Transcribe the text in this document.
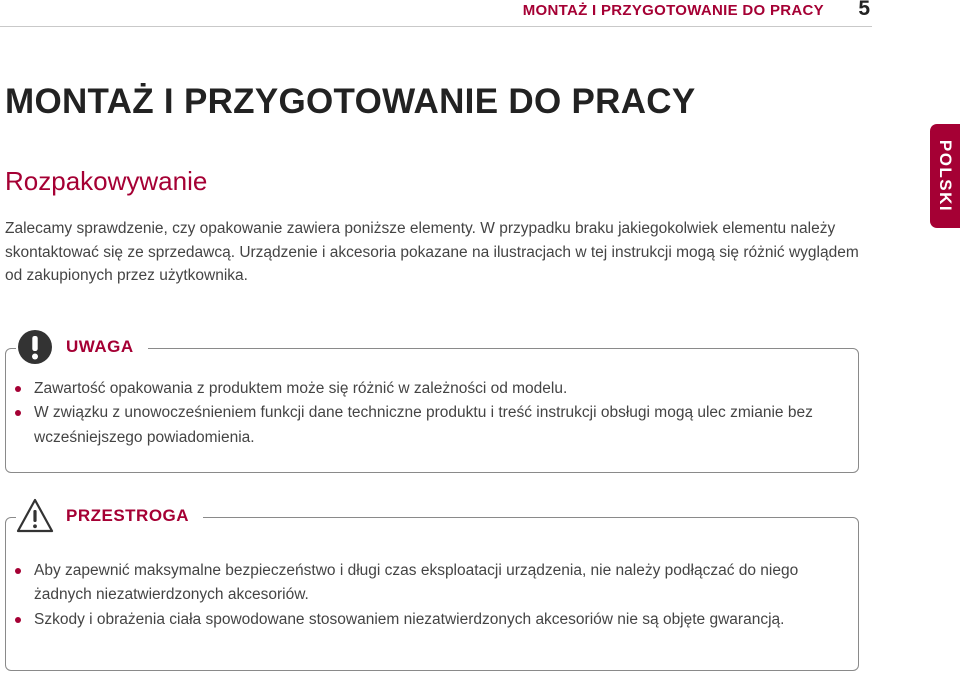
MONTAŻ I PRZYGOTOWANIE DO PRACY 5
POLSKI
MONTAŻ I PRZYGOTOWANIE DO PRACY
Rozpakowywanie

Zalecamy sprawdzenie, czy opakowanie zawiera poniższe elementy. W przypadku braku jakiegokolwiek elementu należy skontaktować się ze sprzedawcą. Urządzenie i akcesoria pokazane na ilustracjach w tej instrukcji mogą się różnić wyglądem od zakupionych przez użytkownika.

UWAGA
Zawartość opakowania z produktem może się różnić w zależności od modelu.
W związku z unowocześnieniem funkcji dane techniczne produktu i treść instrukcji obsługi mogą ulec zmianie bez wcześniejszego powiadomienia.
PRZESTROGA
Aby zapewnić maksymalne bezpieczeństwo i długi czas eksploatacji urządzenia, nie należy podłączać do niego żadnych niezatwierdzonych akcesoriów.
Szkody i obrażenia ciała spowodowane stosowaniem niezatwierdzonych akcesoriów nie są objęte gwarancją.
